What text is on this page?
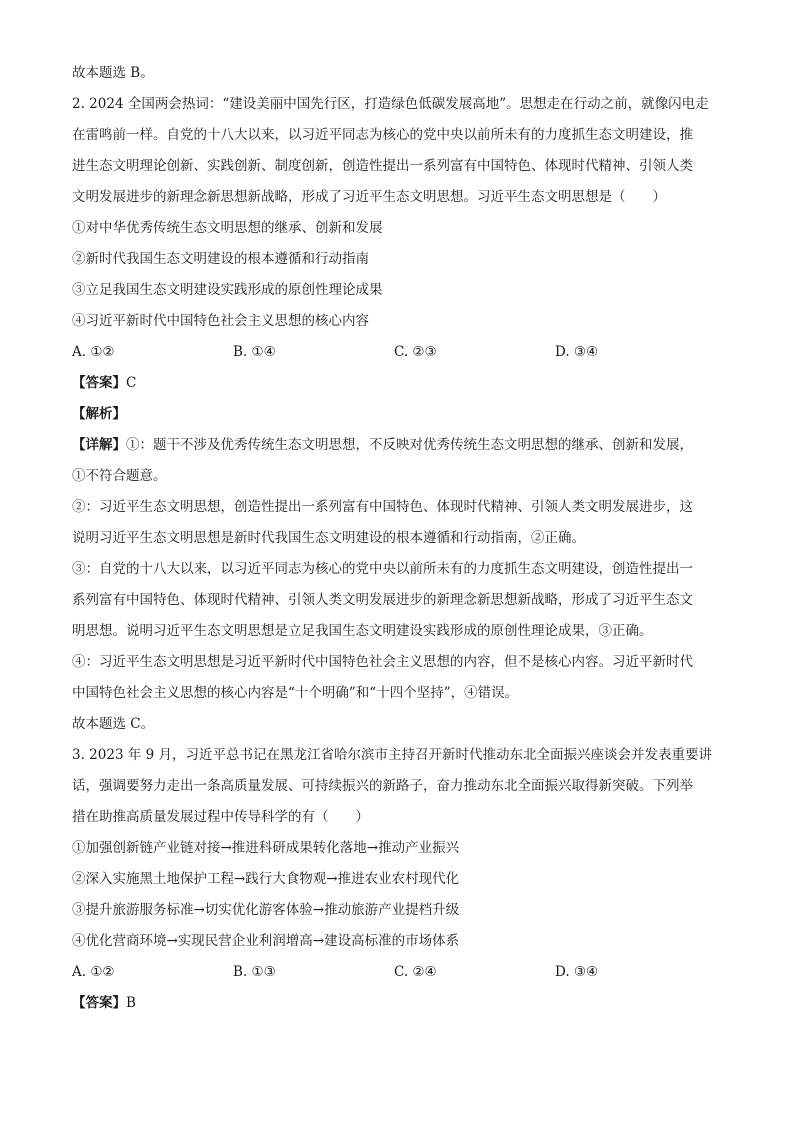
故本题选 B。
2. 2024 全国两会热词：“建设美丽中国先行区，打造绿色低碳发展高地”。思想走在行动之前，就像闪电走
在雷鸣前一样。自党的十八大以来，以习近平同志为核心的党中央以前所未有的力度抓生态文明建设，推
进生态文明理论创新、实践创新、制度创新，创造性提出一系列富有中国特色、体现时代精神、引领人类
文明发展进步的新理念新思想新战略，形成了习近平生态文明思想。习近平生态文明思想是（　　）
①对中华优秀传统生态文明思想的继承、创新和发展
②新时代我国生态文明建设的根本遵循和行动指南
③立足我国生态文明建设实践形成的原创性理论成果
④习近平新时代中国特色社会主义思想的核心内容
A. ①②	B. ①④	C. ②③	D. ③④
【答案】C
【解析】
【详解】①：题干不涉及优秀传统生态文明思想，不反映对优秀传统生态文明思想的继承、创新和发展，
①不符合题意。
②：习近平生态文明思想，创造性提出一系列富有中国特色、体现时代精神、引领人类文明发展进步，这
说明习近平生态文明思想是新时代我国生态文明建设的根本遵循和行动指南，②正确。
③：自党的十八大以来，以习近平同志为核心的党中央以前所未有的力度抓生态文明建设，创造性提出一
系列富有中国特色、体现时代精神、引领人类文明发展进步的新理念新思想新战略，形成了习近平生态文
明思想。说明习近平生态文明思想是立足我国生态文明建设实践形成的原创性理论成果，③正确。
④：习近平生态文明思想是习近平新时代中国特色社会主义思想的内容，但不是核心内容。习近平新时代
中国特色社会主义思想的核心内容是“十个明确”和“十四个坚持”，④错误。
故本题选 C。
3. 2023 年 9 月，习近平总书记在黑龙江省哈尔滨市主持召开新时代推动东北全面振兴座谈会并发表重要讲
话，强调要努力走出一条高质量发展、可持续振兴的新路子，奋力推动东北全面振兴取得新突破。下列举
措在助推高质量发展过程中传导科学的有（　　）
①加强创新链产业链对接→推进科研成果转化落地→推动产业振兴
②深入实施黑土地保护工程→践行大食物观→推进农业农村现代化
③提升旅游服务标准→切实优化游客体验→推动旅游产业提档升级
④优化营商环境→实现民营企业利润增高→建设高标准的市场体系
A. ①②	B. ①③	C. ②④	D. ③④
【答案】B
